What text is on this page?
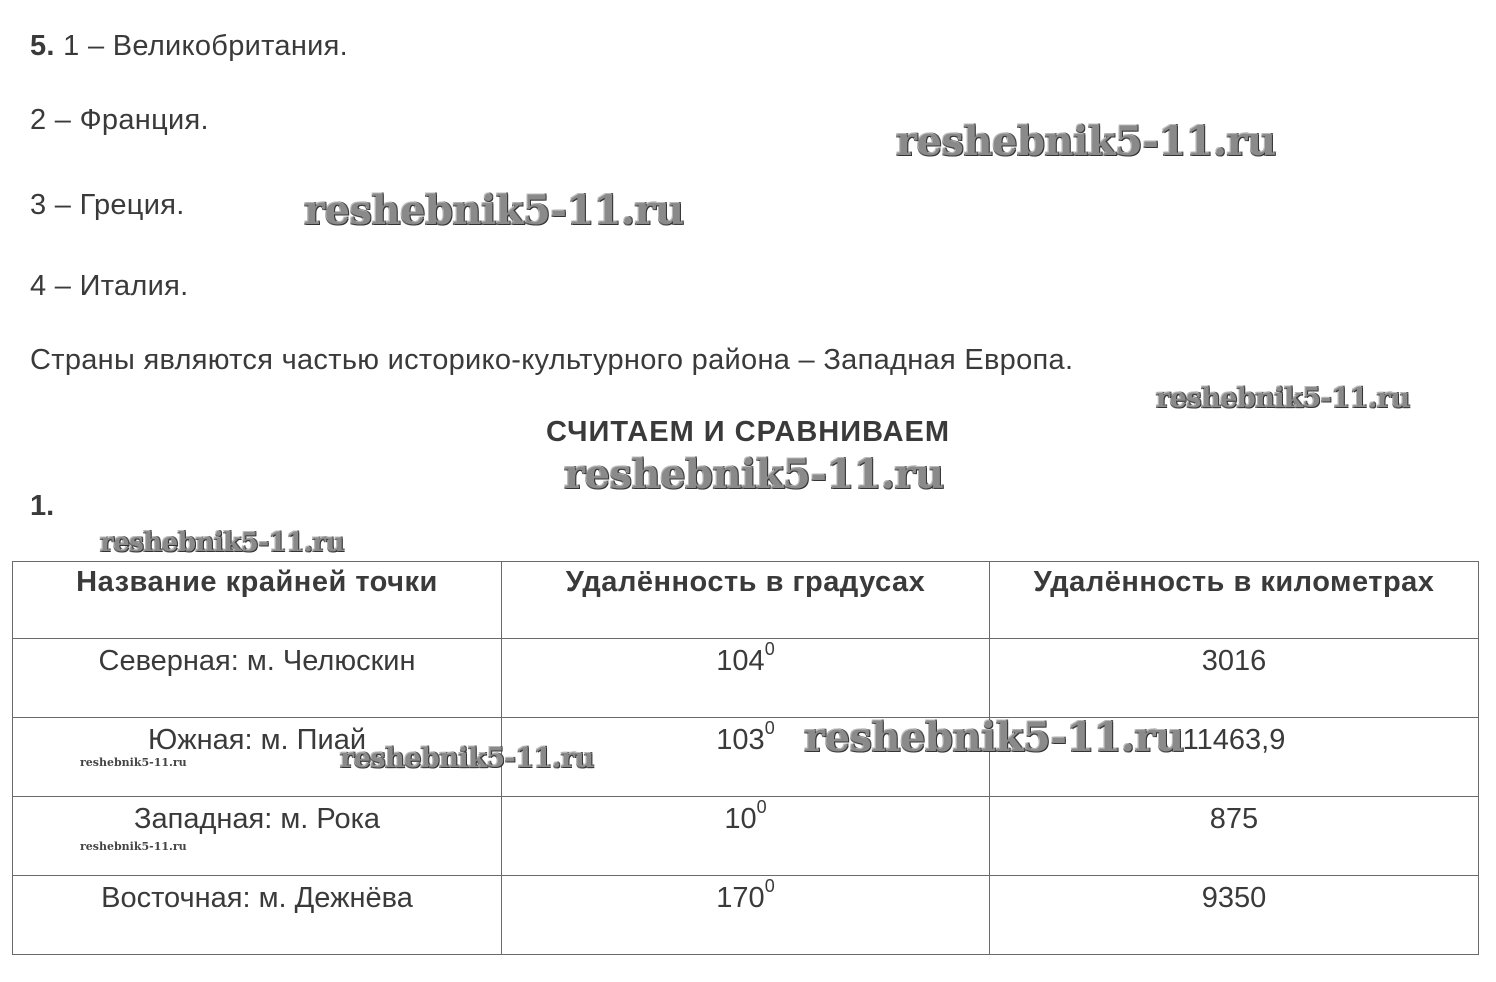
5. 1 – Великобритания.
2 – Франция.
3 – Греция.
4 – Италия.
Страны являются частью историко-культурного района – Западная Европа.
СЧИТАЕМ И СРАВНИВАЕМ
1.
Название крайней точки	Удалённость в градусах	Удалённость в километрах
Северная: м. Челюскин	$104^0$	3016
Южная: м. Пиай	$103^0$	11463,9
Западная: м. Рока	$10^0$	875
Восточная: м. Дежнёва	$170^0$	9350
reshebnik5-11.ru
reshebnik5-11.ru
reshebnik5-11.ru
reshebnik5-11.ru
reshebnik5-11.ru
reshebnik5-11.ru
reshebnik5-11.ru
reshebnik5-11.ru
reshebnik5-11.ru
